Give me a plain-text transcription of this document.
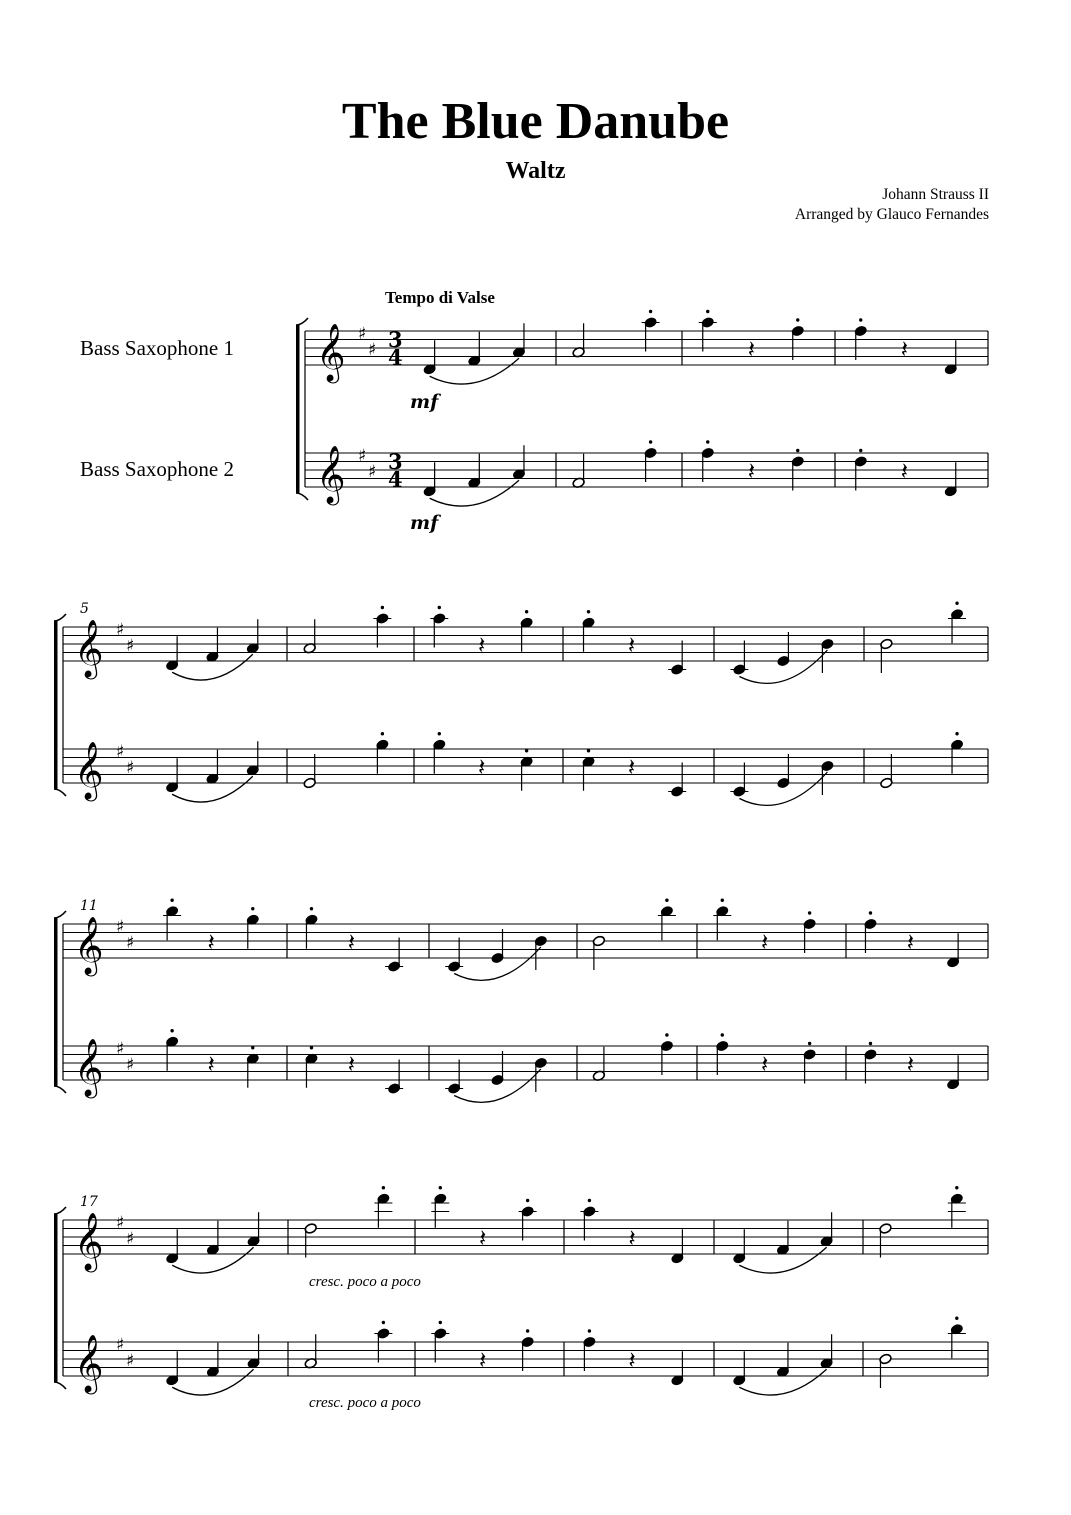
The Blue Danube
Waltz
Johann Strauss II
Arranged by Glauco Fernandes
𝄞 ♯
♯ 3
4	𝄽	𝄽
𝄞 ♯
♯ 3
4	𝄽	𝄽
𝄞 ♯
♯	𝄽	𝄽
𝄞 ♯
♯	𝄽	𝄽
5
𝄞 ♯
♯	𝄽	𝄽	𝄽	𝄽
𝄞 ♯
♯	𝄽	𝄽	𝄽	𝄽
11
𝄞 ♯
♯	𝄽	𝄽
𝄞 ♯
♯	𝄽	𝄽
17
Bass Saxophone 1
Bass Saxophone 2
Tempo di Valse
mf
mf
cresc. poco a poco
cresc. poco a poco
